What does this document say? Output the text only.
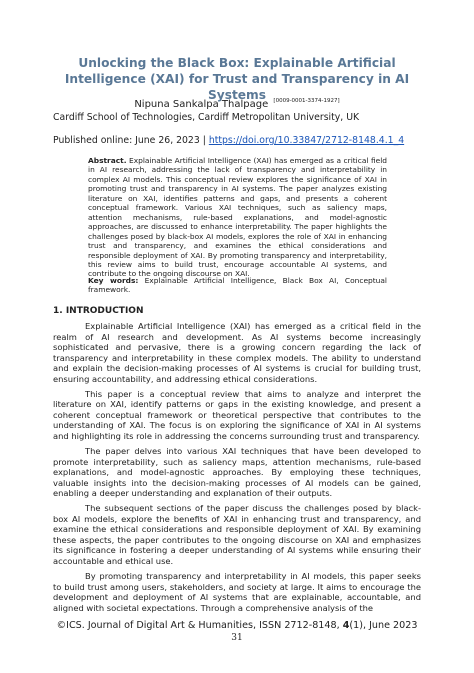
Unlocking the Black Box: Explainable Artificial Intelligence (XAI) for Trust and Transparency in AI Systems
Nipuna Sankalpa Thalpage [0009-0001-3374-1927]
Cardiff School of Technologies, Cardiff Metropolitan University, UK
Published online: June 26, 2023 | https://doi.org/10.33847/2712-8148.4.1_4

Abstract. Explainable Artificial Intelligence (XAI) has emerged as a critical field in AI research, addressing the lack of transparency and interpretability in complex AI models. This conceptual review explores the significance of XAI in promoting trust and transparency in AI systems. The paper analyzes existing literature on XAI, identifies patterns and gaps, and presents a coherent conceptual framework. Various XAI techniques, such as saliency maps, attention mechanisms, rule-based explanations, and model-agnostic approaches, are discussed to enhance interpretability. The paper highlights the challenges posed by black-box AI models, explores the role of XAI in enhancing trust and transparency, and examines the ethical considerations and responsible deployment of XAI. By promoting transparency and interpretability, this review aims to build trust, encourage accountable AI systems, and contribute to the ongoing discourse on XAI.

Key words: Explainable Artificial Intelligence, Black Box AI, Conceptual framework.

1. INTRODUCTION

Explainable Artificial Intelligence (XAI) has emerged as a critical field in the realm of AI research and development. As AI systems become increasingly sophisticated and pervasive, there is a growing concern regarding the lack of transparency and interpretability in these complex models. The ability to understand and explain the decision-making processes of AI systems is crucial for building trust, ensuring accountability, and addressing ethical considerations.

This paper is a conceptual review that aims to analyze and interpret the literature on XAI, identify patterns or gaps in the existing knowledge, and present a coherent conceptual framework or theoretical perspective that contributes to the understanding of XAI. The focus is on exploring the significance of XAI in AI systems and highlighting its role in addressing the concerns surrounding trust and transparency.

The paper delves into various XAI techniques that have been developed to promote interpretability, such as saliency maps, attention mechanisms, rule-based explanations, and model-agnostic approaches. By employing these techniques, valuable insights into the decision-making processes of AI models can be gained, enabling a deeper understanding and explanation of their outputs.

The subsequent sections of the paper discuss the challenges posed by black-box AI models, explore the benefits of XAI in enhancing trust and transparency, and examine the ethical considerations and responsible deployment of XAI. By examining these aspects, the paper contributes to the ongoing discourse on XAI and emphasizes its significance in fostering a deeper understanding of AI systems while ensuring their accountable and ethical use.

By promoting transparency and interpretability in AI models, this paper seeks to build trust among users, stakeholders, and society at large. It aims to encourage the development and deployment of AI systems that are explainable, accountable, and aligned with societal expectations. Through a comprehensive analysis of the

©ICS. Journal of Digital Art & Humanities, ISSN 2712-8148, 4(1), June 2023
31
